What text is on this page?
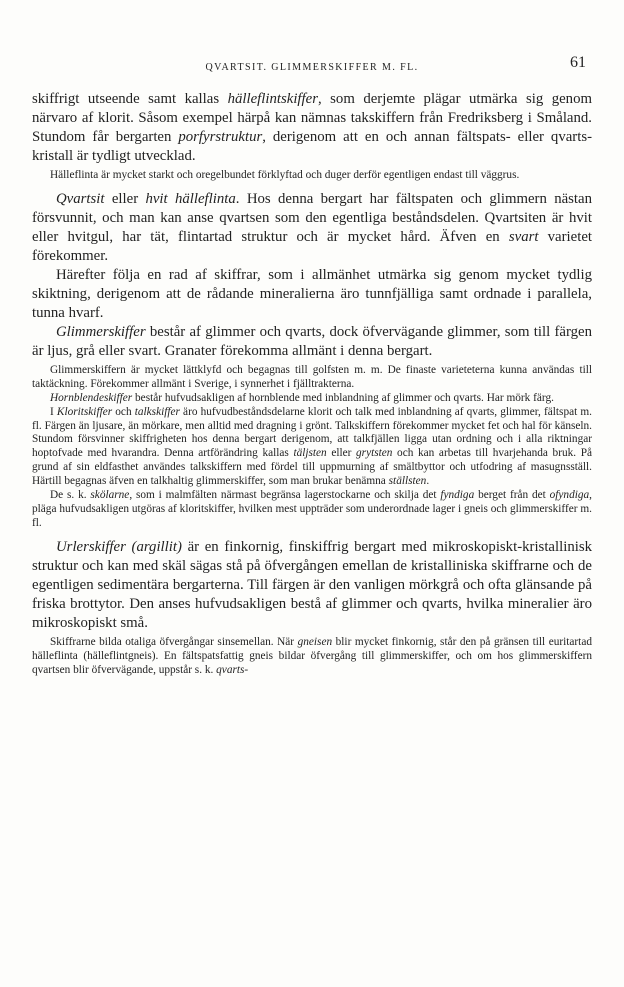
QVARTSIT. GLIMMERSKIFFER M. FL.	61

skiffrigt utseende samt kallas hälleflintskiffer, som derjemte plägar utmärka sig genom närvaro af klorit. Såsom exempel härpå kan nämnas takskiffern från Fredriksberg i Småland. Stundom får bergarten porfyrstruktur, derigenom att en och annan fältspats- eller qvarts-kristall är tydligt utvecklad.

Hälleflinta är mycket starkt och oregelbundet förklyftad och duger derför egentligen endast till väggrus.

Qvartsit eller hvit hälleflinta. Hos denna bergart har fältspaten och glimmern nästan försvunnit, och man kan anse qvartsen som den egentliga beståndsdelen. Qvartsiten är hvit eller hvitgul, har tät, flintartad struktur och är mycket hård. Äfven en svart varietet förekommer.

Härefter följa en rad af skiffrar, som i allmänhet utmärka sig genom mycket tydlig skiktning, derigenom att de rådande mineralierna äro tunnfjälliga samt ordnade i parallela, tunna hvarf.

Glimmerskiffer består af glimmer och qvarts, dock öfvervägande glimmer, som till färgen är ljus, grå eller svart. Granater förekomma allmänt i denna bergart.

Glimmerskiffern är mycket lättklyfd och begagnas till golfsten m. m. De finaste varieteterna kunna användas till taktäckning. Förekommer allmänt i Sverige, i synnerhet i fjälltrakterna.

Hornblendeskiffer består hufvudsakligen af hornblende med inblandning af glimmer och qvarts. Har mörk färg.

I Kloritskiffer och talkskiffer äro hufvudbeståndsdelarne klorit och talk med inblandning af qvarts, glimmer, fältspat m. fl. Färgen än ljusare, än mörkare, men alltid med dragning i grönt. Talkskiffern förekommer mycket fet och hal för känseln. Stundom försvinner skiffrigheten hos denna bergart derigenom, att talkfjällen ligga utan ordning och i alla riktningar hoptofvade med hvarandra. Denna artförändring kallas täljsten eller grytsten och kan arbetas till hvarjehanda bruk. På grund af sin eldfasthet användes talkskiffern med fördel till uppmurning af smältbyttor och utfodring af masugnsställ. Härtill begagnas äfven en talkhaltig glimmerskiffer, som man brukar benämna ställsten.

De s. k. skölarne, som i malmfälten närmast begränsa lagerstockarne och skilja det fyndiga berget från det ofyndiga, pläga hufvudsakligen utgöras af kloritskiffer, hvilken mest uppträder som underordnade lager i gneis och glimmerskiffer m. fl.

Urlerskiffer (argillit) är en finkornig, finskiffrig bergart med mikroskopiskt-kristallinisk struktur och kan med skäl sägas stå på öfvergången emellan de kristalliniska skiffrarne och de egentligen sedimentära bergarterna. Till färgen är den vanligen mörkgrå och ofta glänsande på friska brottytor. Den anses hufvudsakligen bestå af glimmer och qvarts, hvilka mineralier äro mikroskopiskt små.

Skiffrarne bilda otaliga öfvergångar sinsemellan. När gneisen blir mycket finkornig, står den på gränsen till euritartad hälleflinta (hälleflintgneis). En fältspatsfattig gneis bildar öfvergång till glimmerskiffer, och om hos glimmerskiffern qvartsen blir öfvervägande, uppstår s. k. qvarts-
